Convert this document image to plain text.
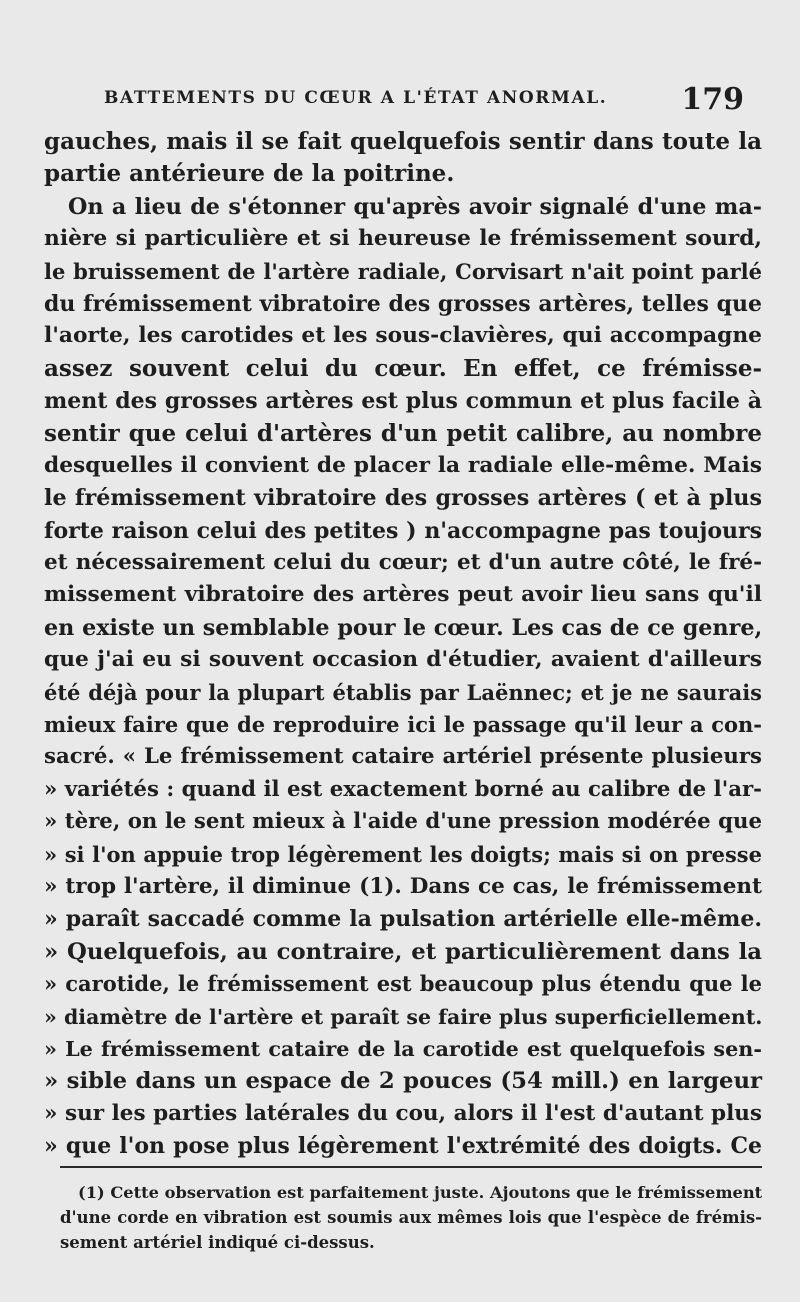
BATTEMENTS DU CŒUR A L'ÉTAT ANORMAL. 179
gauches, mais il se fait quelquefois sentir dans toute la
partie antérieure de la poitrine.
On a lieu de s'étonner qu'après avoir signalé d'une ma-
nière si particulière et si heureuse le frémissement sourd,
le bruissement de l'artère radiale, Corvisart n'ait point parlé
du frémissement vibratoire des grosses artères, telles que
l'aorte, les carotides et les sous-clavières, qui accompagne
assez souvent celui du cœur. En effet, ce frémisse-
ment des grosses artères est plus commun et plus facile à
sentir que celui d'artères d'un petit calibre, au nombre
desquelles il convient de placer la radiale elle-même. Mais
le frémissement vibratoire des grosses artères ( et à plus
forte raison celui des petites ) n'accompagne pas toujours
et nécessairement celui du cœur; et d'un autre côté, le fré-
missement vibratoire des artères peut avoir lieu sans qu'il
en existe un semblable pour le cœur. Les cas de ce genre,
que j'ai eu si souvent occasion d'étudier, avaient d'ailleurs
été déjà pour la plupart établis par Laënnec; et je ne saurais
mieux faire que de reproduire ici le passage qu'il leur a con-
sacré. « Le frémissement cataire artériel présente plusieurs
» variétés : quand il est exactement borné au calibre de l'ar-
» tère, on le sent mieux à l'aide d'une pression modérée que
» si l'on appuie trop légèrement les doigts; mais si on presse
» trop l'artère, il diminue (1). Dans ce cas, le frémissement
» paraît saccadé comme la pulsation artérielle elle-même.
» Quelquefois, au contraire, et particulièrement dans la
» carotide, le frémissement est beaucoup plus étendu que le
» diamètre de l'artère et paraît se faire plus superficiellement.
» Le frémissement cataire de la carotide est quelquefois sen-
» sible dans un espace de 2 pouces (54 mill.) en largeur
» sur les parties latérales du cou, alors il l'est d'autant plus
» que l'on pose plus légèrement l'extrémité des doigts. Ce
(1) Cette observation est parfaitement juste. Ajoutons que le frémissement
d'une corde en vibration est soumis aux mêmes lois que l'espèce de frémis-
sement artériel indiqué ci-dessus.
